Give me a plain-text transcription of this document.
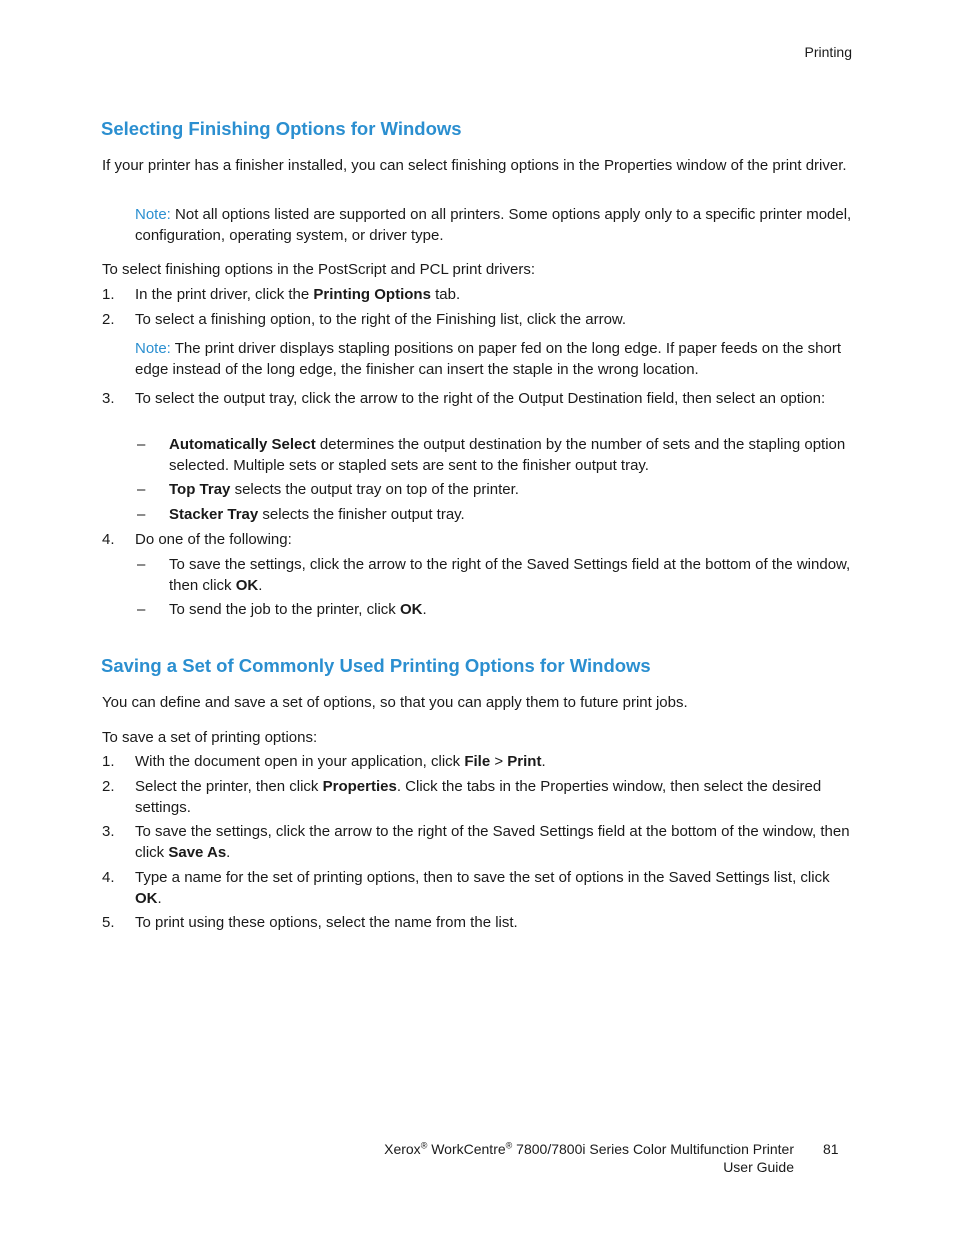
Printing
Selecting Finishing Options for Windows

If your printer has a finisher installed, you can select finishing options in the Properties window of the print driver.

Note: Not all options listed are supported on all printers. Some options apply only to a specific printer model, configuration, operating system, or driver type.

To select finishing options in the PostScript and PCL print drivers:

1. In the print driver, click the Printing Options tab.

2. To select a finishing option, to the right of the Finishing list, click the arrow.

Note: The print driver displays stapling positions on paper fed on the long edge. If paper feeds on the short edge instead of the long edge, the finisher can insert the staple in the wrong location.

3. To select the output tray, click the arrow to the right of the Output Destination field, then select an option:

– Automatically Select determines the output destination by the number of sets and the stapling option selected. Multiple sets or stapled sets are sent to the finisher output tray.

– Top Tray selects the output tray on top of the printer.

– Stacker Tray selects the finisher output tray.

4. Do one of the following:

– To save the settings, click the arrow to the right of the Saved Settings field at the bottom of the window, then click OK.

– To send the job to the printer, click OK.

Saving a Set of Commonly Used Printing Options for Windows

You can define and save a set of options, so that you can apply them to future print jobs.

To save a set of printing options:

1. With the document open in your application, click File > Print.

2. Select the printer, then click Properties. Click the tabs in the Properties window, then select the desired settings.

3. To save the settings, click the arrow to the right of the Saved Settings field at the bottom of the window, then click Save As.

4. Type a name for the set of printing options, then to save the set of options in the Saved Settings list, click OK.

5. To print using these options, select the name from the list.

Xerox® WorkCentre® 7800/7800i Series Color Multifunction Printer
User Guide
81
